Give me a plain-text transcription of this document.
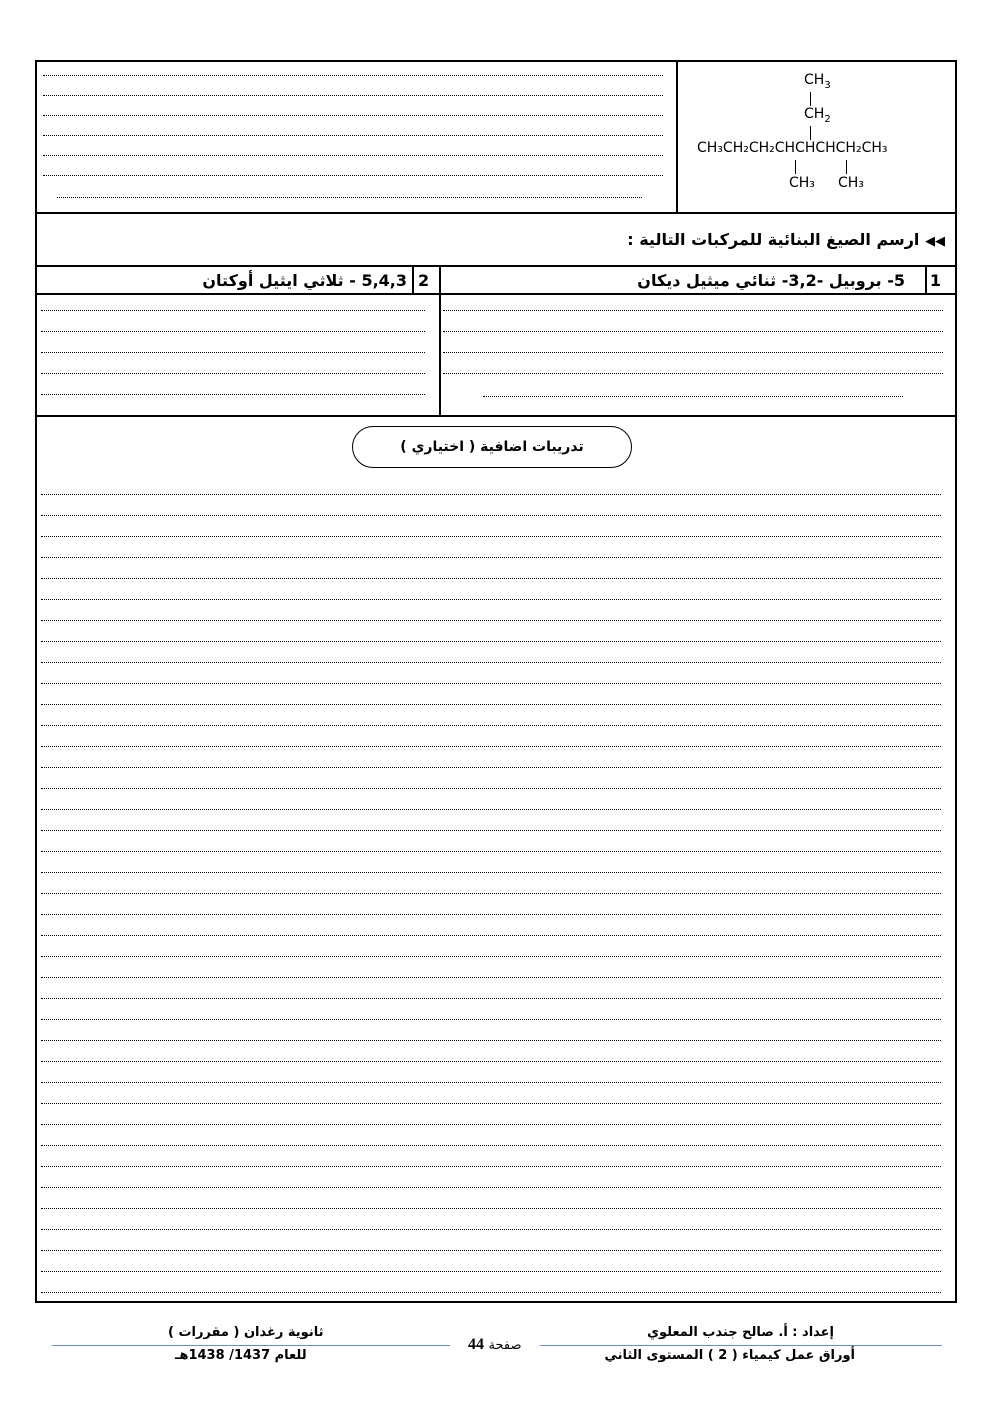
$CH_3$
$CH_2$
CH₃CH₂CH₂CHCHCHCH₂CH₃
CH₃ CH₃
◀◀ ارسم الصيغ البنائية للمركبات التالية :
1
5- بروبيل -3,2- ثنائي ميثيل ديكان
2
5,4,3 - ثلاثي ايثيل أوكتان
تدريبات اضافية ( اختياري )
ثانوية رغدان ( مقررات )
للعام 1437/ 1438هـ
44 صفحة
إعداد : أ. صالح جندب المعلوي
أوراق عمل كيمياء ( 2 ) المستوى الثاني
